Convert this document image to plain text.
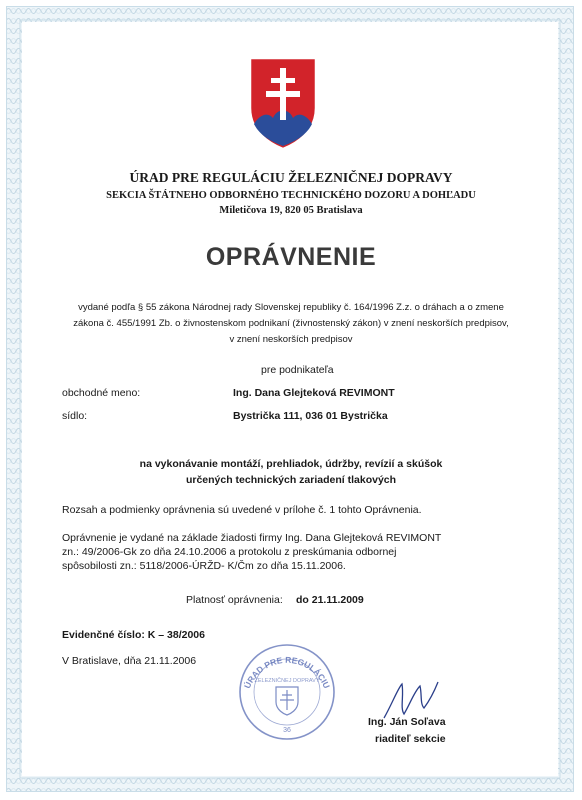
ÚRAD PRE REGULÁCIU ŽELEZNIČNEJ DOPRAVY
SEKCIA ŠTÁTNEHO ODBORNÉHO TECHNICKÉHO DOZORU A DOHĽADU
Miletičova 19, 820 05 Bratislava
OPRÁVNENIE
vydané podľa § 55 zákona Národnej rady Slovenskej republiky č. 164/1996 Z.z. o dráhach a o zmene
zákona č. 455/1991 Zb. o živnostenskom podnikaní (živnostenský zákon) v znení neskorších predpisov,
v znení neskorších predpisov
pre podnikateľa
obchodné meno:	Ing. Dana Glejteková REVIMONT
sídlo:	Bystrička 111, 036 01 Bystrička
na vykonávanie montáží, prehliadok, údržby, revízií a skúšok
určených technických zariadení tlakových
Rozsah a podmienky oprávnenia sú uvedené v prílohe č. 1 tohto Oprávnenia.
Oprávnenie je vydané na základe žiadosti firmy Ing. Dana Glejteková REVIMONT
zn.: 49/2006-Gk zo dňa 24.10.2006 a protokolu z preskúmania odbornej
spôsobilosti zn.: 5118/2006-ÚRŽD- K/Čm zo dňa 15.11.2006.
Platnosť oprávnenia: do 21.11.2009
Evidenčné číslo: K – 38/2006
V Bratislave, dňa 21.11.2006
ÚRAD PRE REGULÁCIU
ŽELEZNIČNEJ DOPRAVY
36
Ing. Ján Soľava
riaditeľ sekcie
